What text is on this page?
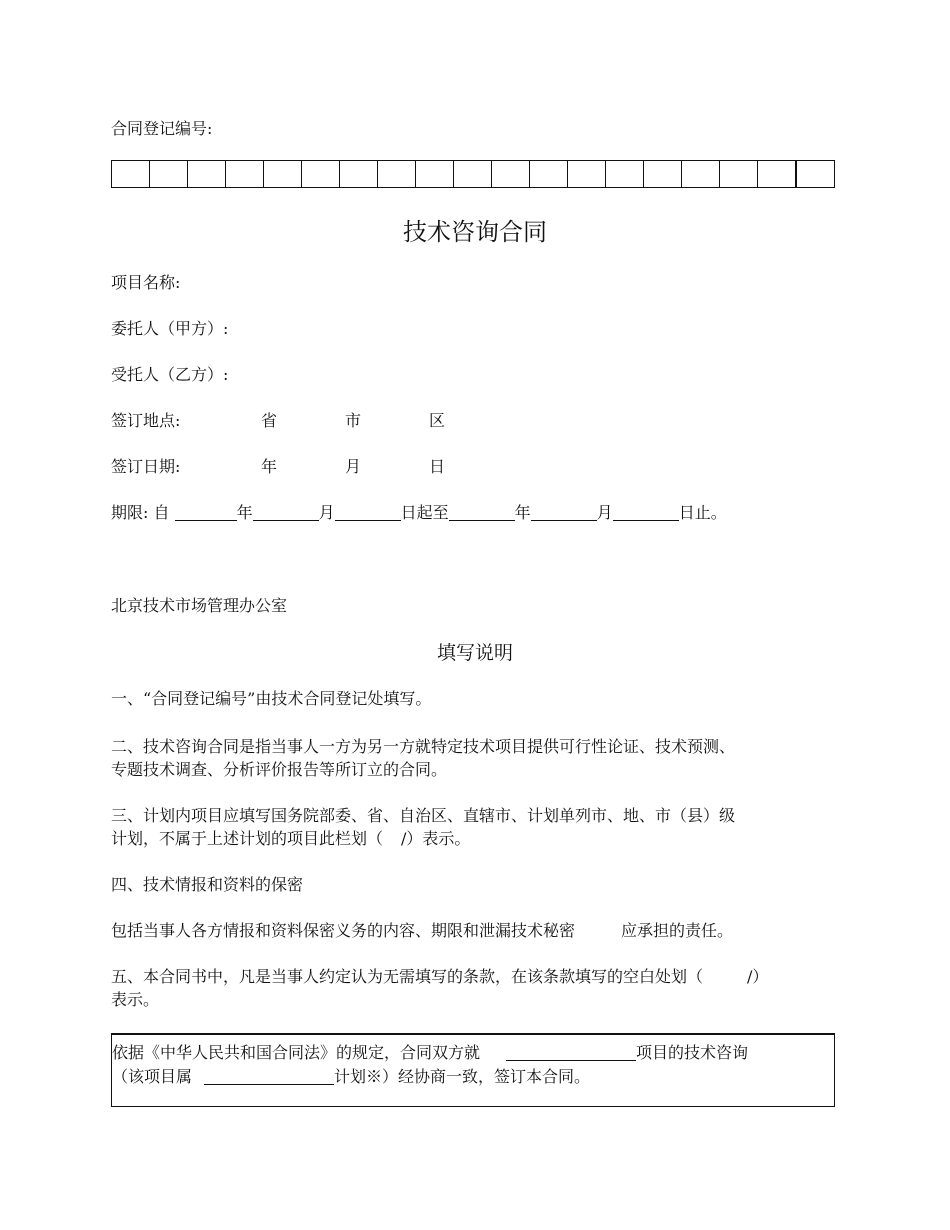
合同登记编号:
技术咨询合同
项目名称:
委托人（甲方）:
受托人（乙方）:
签订地点:	省	市	区
签订日期:	年	月	日
期限: 自	年	月	日起至	年	月	日止。
北京技术市场管理办公室
填写说明
一、“合同登记编号”由技术合同登记处填写。
二、技术咨询合同是指当事人一方为另一方就特定技术项目提供可行性论证、技术预测、
专题技术调查、分析评价报告等所订立的合同。
三、计划内项目应填写国务院部委、省、自治区、直辖市、计划单列市、地、市（县）级
计划，不属于上述计划的项目此栏划（ /）表示。
四、技术情报和资料的保密
包括当事人各方情报和资料保密义务的内容、期限和泄漏技术秘密	应承担的责任。
五、本合同书中，凡是当事人约定认为无需填写的条款，在该条款填写的空白处划（	/）
表示。
依据《中华人民共和国合同法》的规定，合同双方就	项目的技术咨询
（该项目属	计划※）经协商一致，签订本合同。
